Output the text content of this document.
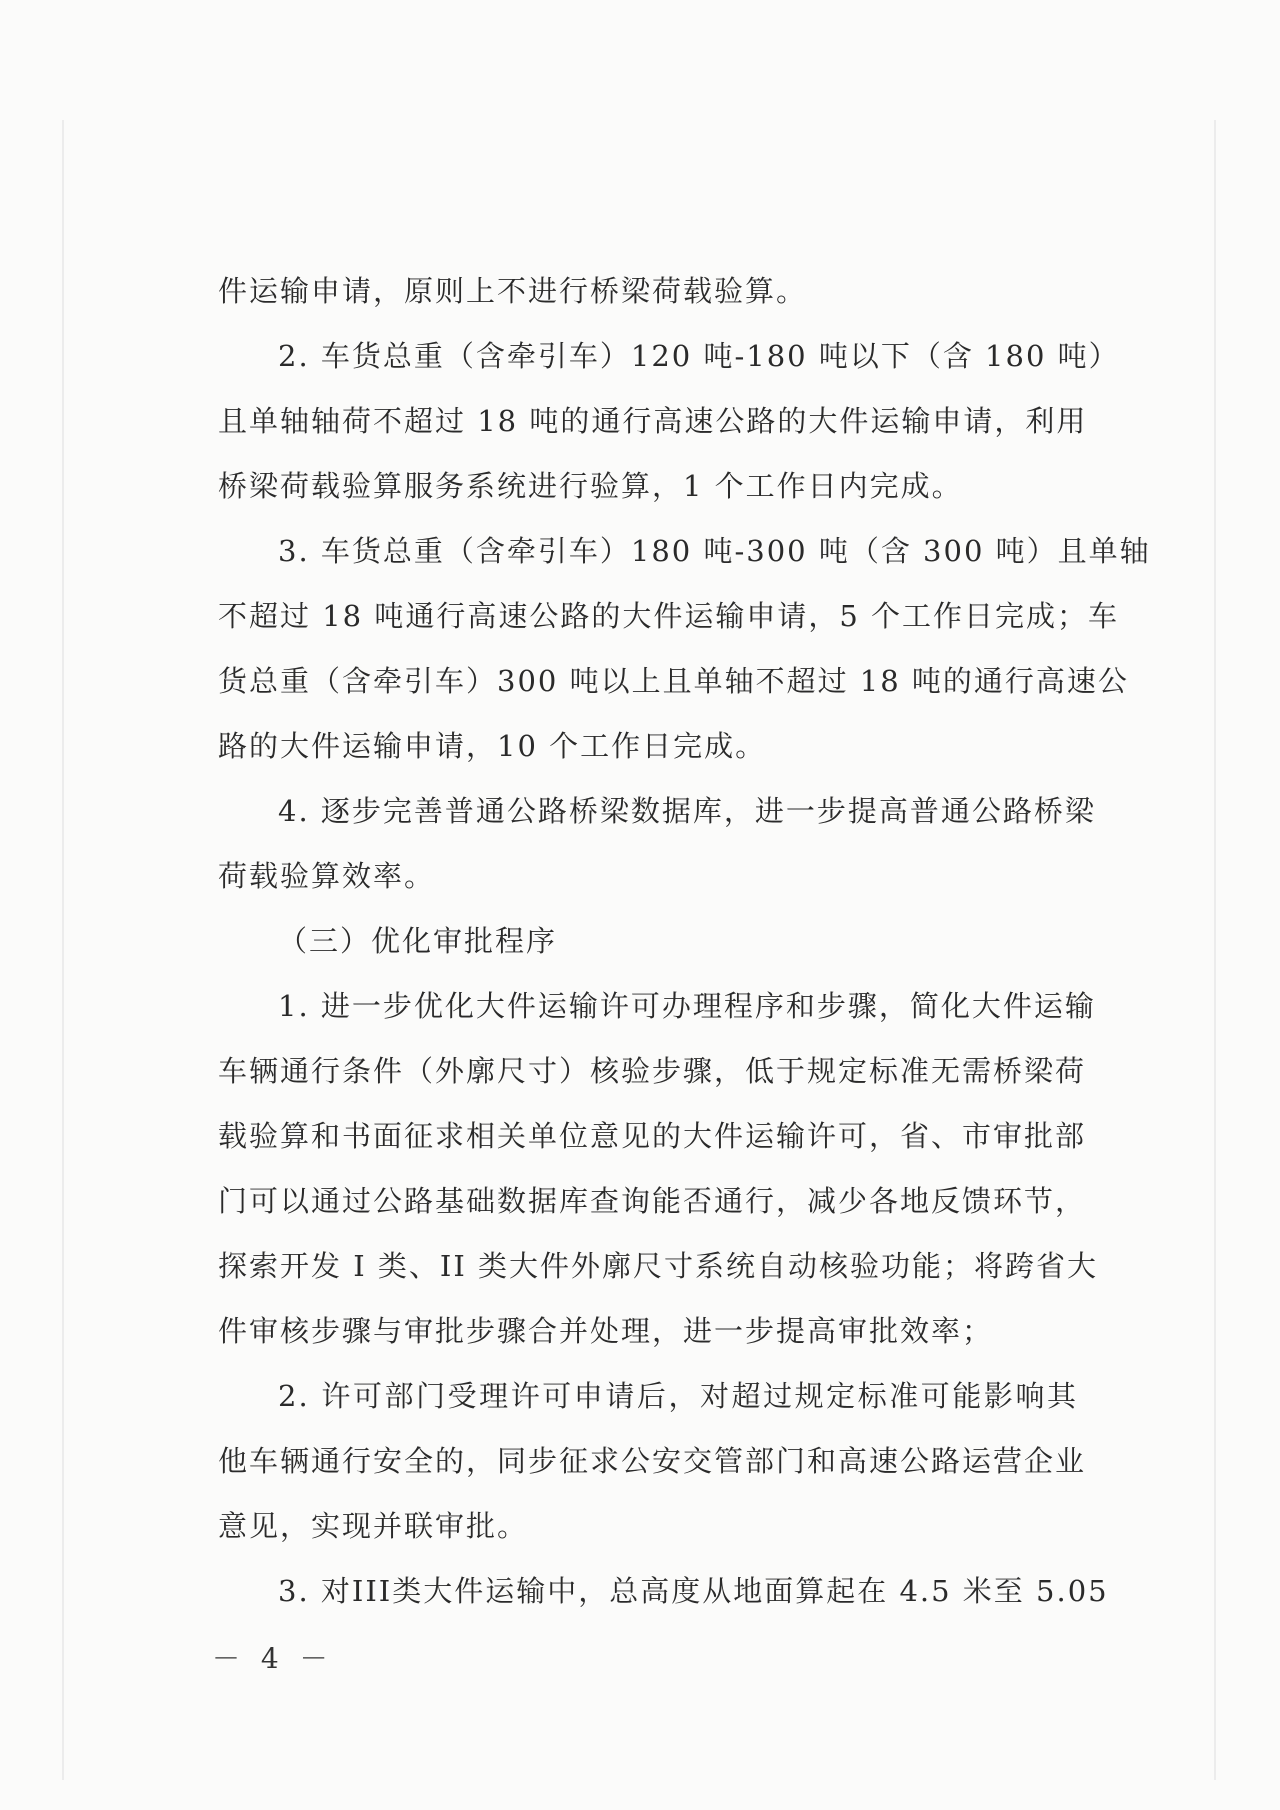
件运输申请，原则上不进行桥梁荷载验算。
2. 车货总重（含牵引车）120 吨-180 吨以下（含 180 吨）
且单轴轴荷不超过 18 吨的通行高速公路的大件运输申请，利用
桥梁荷载验算服务系统进行验算，1 个工作日内完成。
3. 车货总重（含牵引车）180 吨-300 吨（含 300 吨）且单轴
不超过 18 吨通行高速公路的大件运输申请，5 个工作日完成；车
货总重（含牵引车）300 吨以上且单轴不超过 18 吨的通行高速公
路的大件运输申请，10 个工作日完成。
4. 逐步完善普通公路桥梁数据库，进一步提高普通公路桥梁
荷载验算效率。
（三）优化审批程序
1. 进一步优化大件运输许可办理程序和步骤，简化大件运输
车辆通行条件（外廓尺寸）核验步骤，低于规定标准无需桥梁荷
载验算和书面征求相关单位意见的大件运输许可，省、市审批部
门可以通过公路基础数据库查询能否通行，减少各地反馈环节，
探索开发 I 类、II 类大件外廓尺寸系统自动核验功能；将跨省大
件审核步骤与审批步骤合并处理，进一步提高审批效率；
2. 许可部门受理许可申请后，对超过规定标准可能影响其
他车辆通行安全的，同步征求公安交管部门和高速公路运营企业
意见，实现并联审批。
3. 对III类大件运输中，总高度从地面算起在 4.5 米至 5.05
－ 4 －
